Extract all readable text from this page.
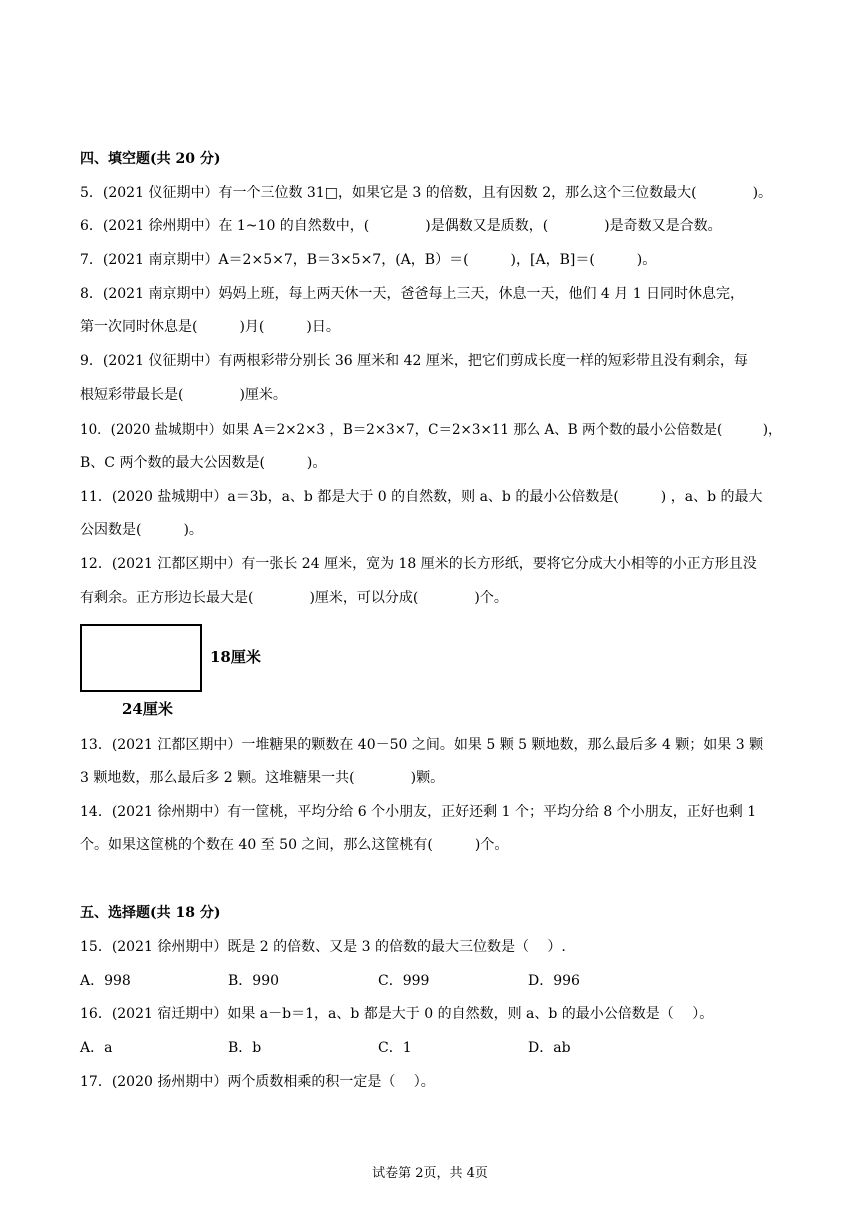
四、填空题(共 20 分)
5．(2021 仪征期中）有一个三位数 31□，如果它是 3 的倍数，且有因数 2，那么这个三位数最大(　　　　)。
6．(2021 徐州期中）在 1~10 的自然数中，(　　　　)是偶数又是质数，(　　　　)是奇数又是合数。
7．(2021 南京期中）A＝2×5×7，B＝3×5×7，(A，B）＝(　　　)，[A，B]＝(　　　)。
8．(2021 南京期中）妈妈上班，每上两天休一天，爸爸每上三天，休息一天，他们 4 月 1 日同时休息完，
第一次同时休息是(　　　)月(　　　)日。
9．(2021 仪征期中）有两根彩带分别长 36 厘米和 42 厘米，把它们剪成长度一样的短彩带且没有剩余，每
根短彩带最长是(　　　　)厘米。
10．(2020 盐城期中）如果 A＝2×2×3 ，B＝2×3×7，C＝2×3×11 那么 A、B 两个数的最小公倍数是(　　　)，
B、C 两个数的最大公因数是(　　　)。
11．(2020 盐城期中）a＝3b，a、b 都是大于 0 的自然数，则 a、b 的最小公倍数是(　　　) ，a、b 的最大
公因数是(　　　)。
12．(2021 江都区期中）有一张长 24 厘米，宽为 18 厘米的长方形纸，要将它分成大小相等的小正方形且没
有剩余。正方形边长最大是(　　　　)厘米，可以分成(　　　　)个。
18厘米
24厘米
13．(2021 江都区期中）一堆糖果的颗数在 40－50 之间。如果 5 颗 5 颗地数，那么最后多 4 颗；如果 3 颗
3 颗地数，那么最后多 2 颗。这堆糖果一共(　　　　)颗。
14．(2021 徐州期中）有一筐桃，平均分给 6 个小朋友，正好还剩 1 个；平均分给 8 个小朋友，正好也剩 1
个。如果这筐桃的个数在 40 至 50 之间，那么这筐桃有(　　　)个。
五、选择题(共 18 分)
15．(2021 徐州期中）既是 2 的倍数、又是 3 的倍数的最大三位数是（　 ）.
A．998	B．990	C．999	D．996
16．(2021 宿迁期中）如果 a－b＝1，a、b 都是大于 0 的自然数，则 a、b 的最小公倍数是（　 ）。
A．a	B．b	C．1	D．ab
17．(2020 扬州期中）两个质数相乘的积一定是（　 ）。
试卷第 2页，共 4页
